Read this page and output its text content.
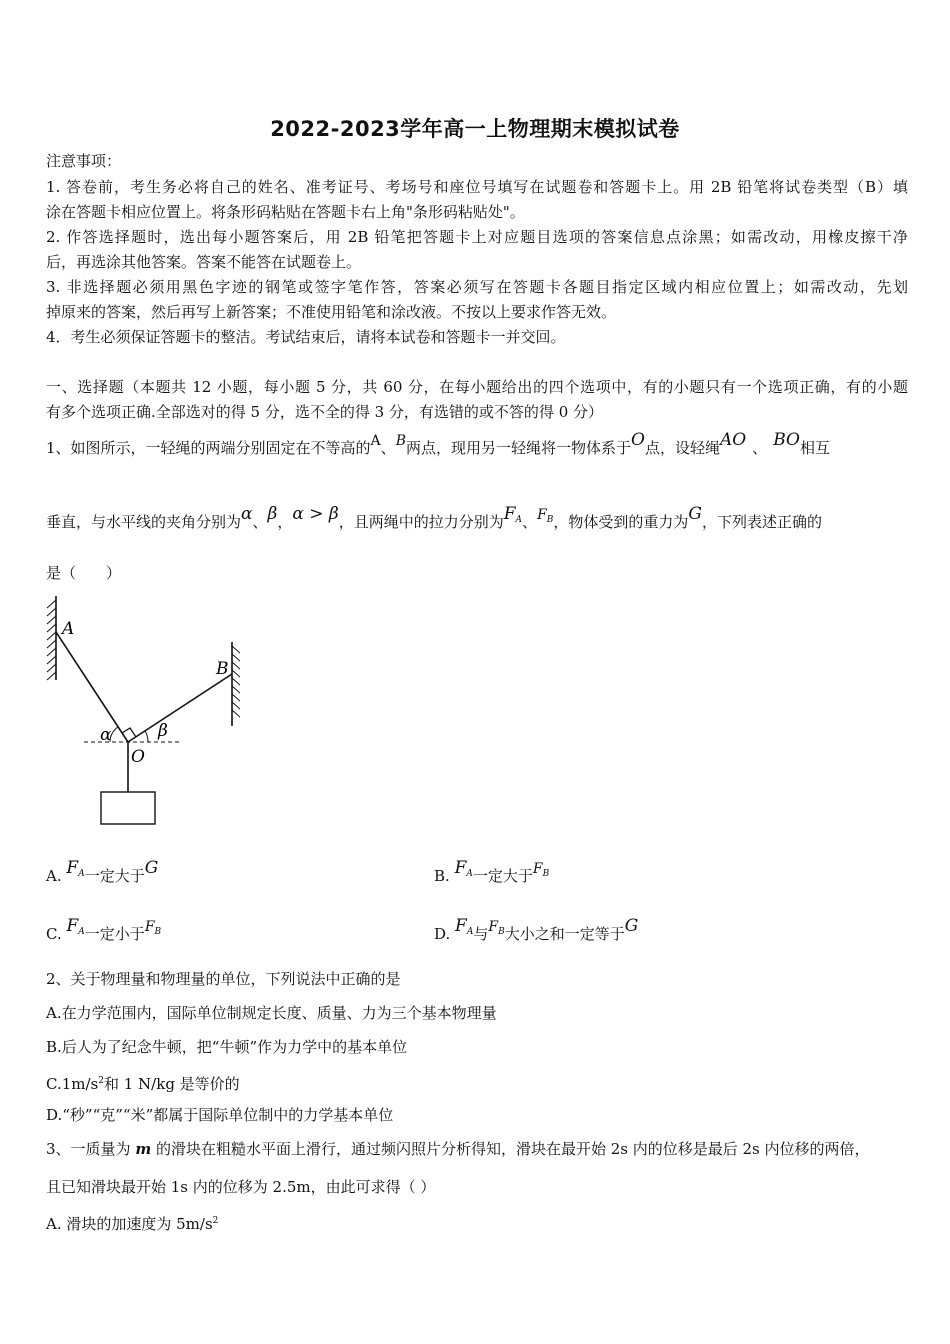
2022-2023学年高一上物理期末模拟试卷
注意事项：
1. 答卷前，考生务必将自己的姓名、准考证号、考场号和座位号填写在试题卷和答题卡上。用 2B 铅笔将试卷类型（B）填
涂在答题卡相应位置上。将条形码粘贴在答题卡右上角"条形码粘贴处"。
2. 作答选择题时，选出每小题答案后，用 2B 铅笔把答题卡上对应题目选项的答案信息点涂黑；如需改动，用橡皮擦干净
后，再选涂其他答案。答案不能答在试题卷上。
3. 非选择题必须用黑色字迹的钢笔或签字笔作答，答案必须写在答题卡各题目指定区域内相应位置上；如需改动，先划
掉原来的答案，然后再写上新答案；不准使用铅笔和涂改液。不按以上要求作答无效。
4．考生必须保证答题卡的整洁。考试结束后，请将本试卷和答题卡一并交回。
一、选择题（本题共 12 小题，每小题 5 分，共 60 分，在每小题给出的四个选项中，有的小题只有一个选项正确，有的小题
有多个选项正确.全部选对的得 5 分，选不全的得 3 分，有选错的或不答的得 0 分）
1、如图所示，一轻绳的两端分别固定在不等高的A、B两点，现用另一轻绳将一物体系于O点，设轻绳AO 、 BO相互
垂直，与水平线的夹角分别为α、β，α > β，且两绳中的拉力分别为FA、$F_B$，物体受到的重力为G，下列表述正确的
是（　　）
A
B
O
α	β
A. FA一定大于G	B. FA一定大于$F_B$
C. FA一定小于$F_B$	D. FA与$F_B$大小之和一定等于G
2、关于物理量和物理量的单位，下列说法中正确的是
A.在力学范围内，国际单位制规定长度、质量、力为三个基本物理量
B.后人为了纪念牛顿，把“牛顿”作为力学中的基本单位
$C.1m/s^2$和 1 N/kg 是等价的
D.“秒”“克”“米”都属于国际单位制中的力学基本单位
3、一质量为 m 的滑块在粗糙水平面上滑行，通过频闪照片分析得知，滑块在最开始 2s 内的位移是最后 2s 内位移的两倍，
且已知滑块最开始 1s 内的位移为 2.5m，由此可求得（ ）
A. 滑块的加速度为 $5m/s^2$
